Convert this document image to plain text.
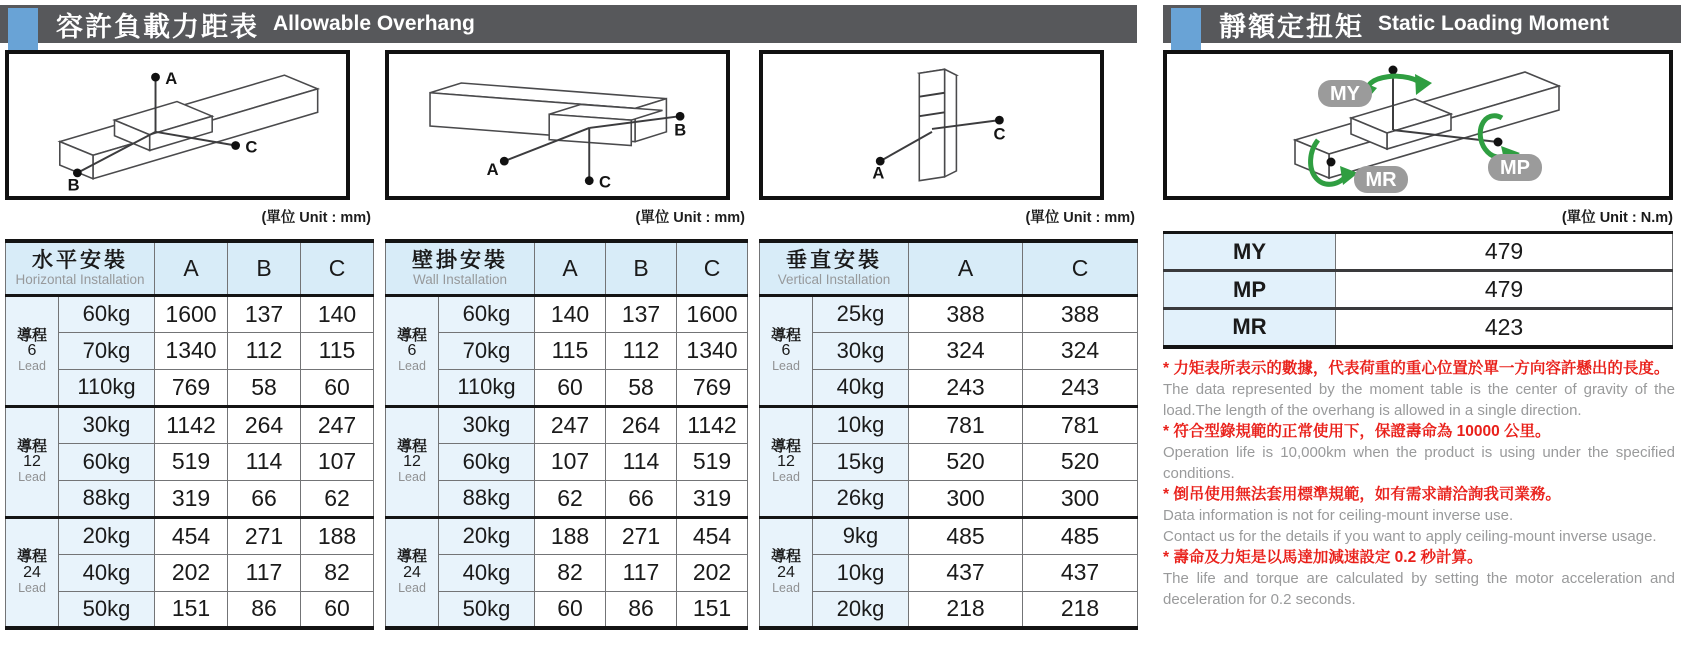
容許負載力距表 Allowable Overhang
A
C
B
(單位 Unit : mm)
水平安裝
Horizontal Installation		A	B	C

導程
6
Lead	60kg	1600	137	140
	70kg	1340	112	115
	110kg	769	58	60

導程
12
Lead	30kg	1142	264	247
	60kg	519	114	107
	88kg	319	66	62

導程
24
Lead	20kg	454	271	188
	40kg	202	117	82
	50kg	151	86	60
B
A
C
(單位 Unit : mm)
壁掛安裝
Wall Installation		A	B	C

導程
6
Lead	60kg	140	137	1600
	70kg	115	112	1340
	110kg	60	58	769

導程
12
Lead	30kg	247	264	1142
	60kg	107	114	519
	88kg	62	66	319

導程
24
Lead	20kg	188	271	454
	40kg	82	117	202
	50kg	60	86	151
A
C
(單位 Unit : mm)
垂直安裝
Vertical Installation		A	C

導程
6
Lead	25kg	388	388
	30kg	324	324
	40kg	243	243

導程
12
Lead	10kg	781	781
	15kg	520	520
	26kg	300	300

導程
24
Lead	9kg	485	485
	10kg	437	437
	20kg	218	218
靜額定扭矩 Static Loading Moment
MY
MP
MR
(單位 Unit : N.m)
MY	479
MP	479
MR	423
* 力矩表所表示的數據，代表荷重的重心位置於單一方向容許懸出的長度。
The data represented by the moment table is the center of gravity of the load.The length of the overhang is allowed in a single direction.
* 符合型錄規範的正常使用下，保證壽命為 10000 公里。
Operation life is 10,000km when the product is using under the specified conditions.
* 倒吊使用無法套用標準規範，如有需求請洽詢我司業務。
Data information is not for ceiling-mount inverse use.
Contact us for the details if you want to apply ceiling-mount inverse usage.
* 壽命及力矩是以馬達加減速設定 0.2 秒計算。
The life and torque are calculated by setting the motor acceleration and deceleration for 0.2 seconds.
